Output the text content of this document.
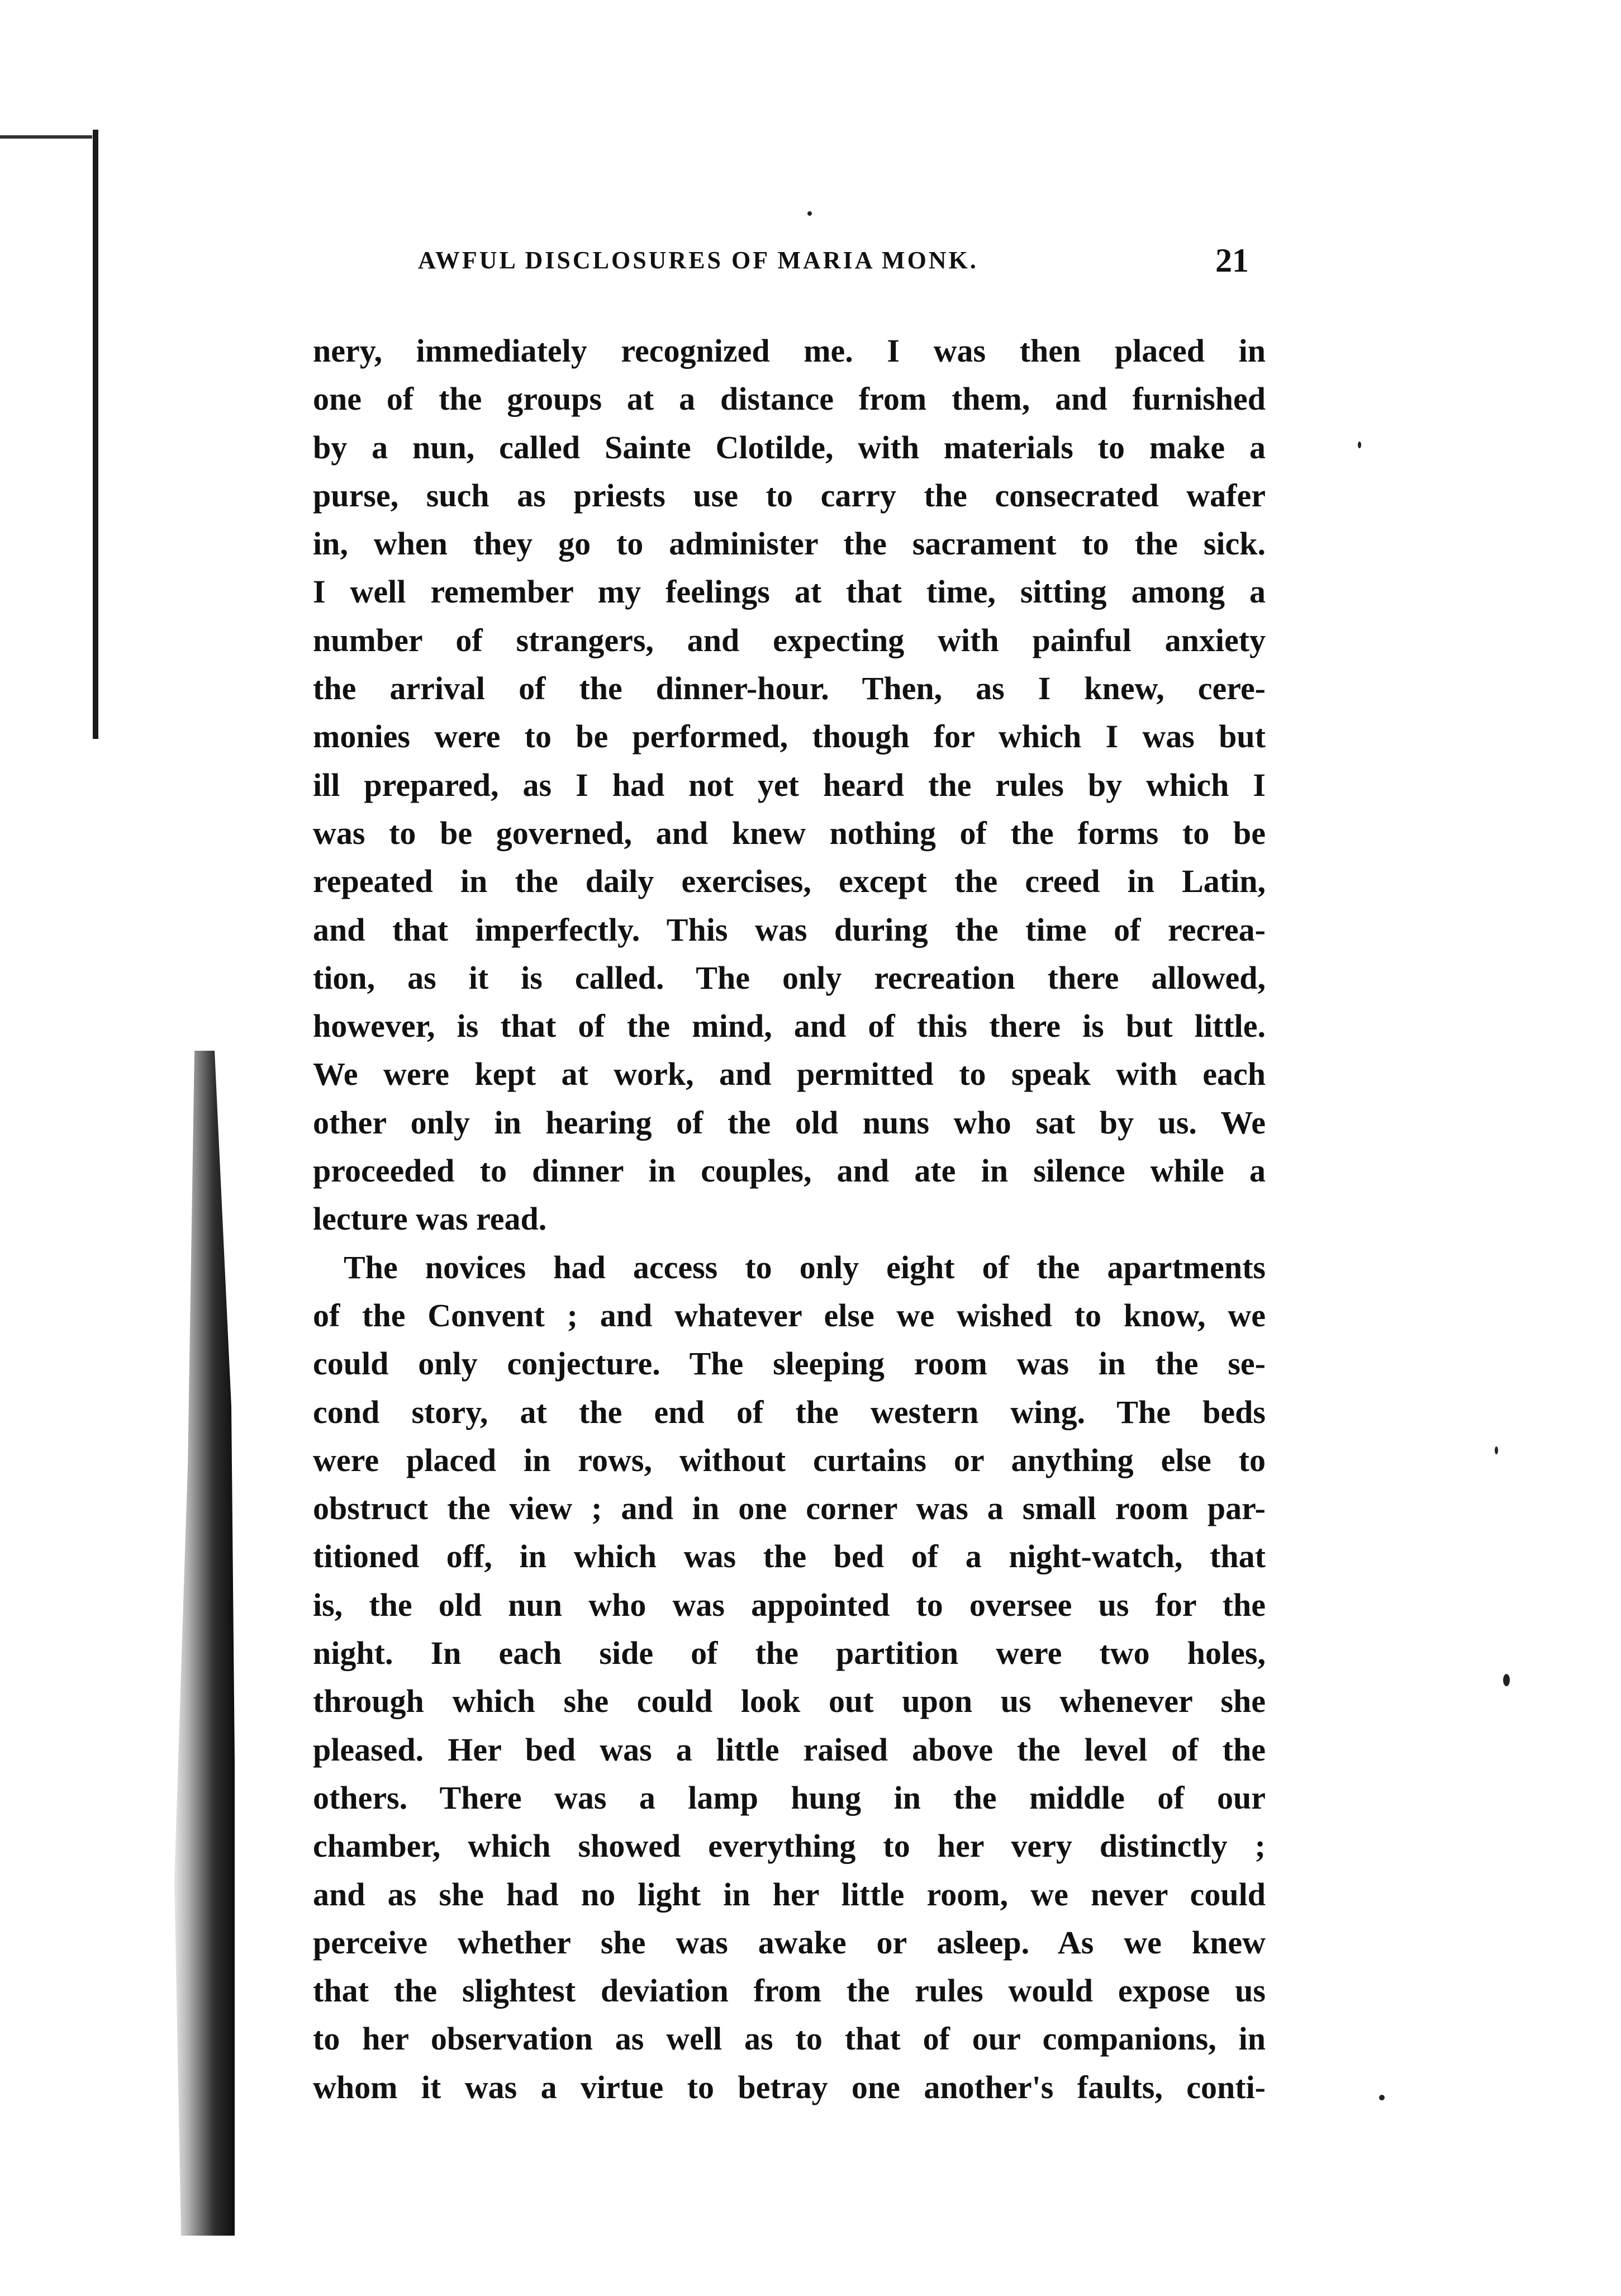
AWFUL DISCLOSURES OF MARIA MONK.	21
nery, immediately recognized me. I was then placed in
one of the groups at a distance from them, and furnished
by a nun, called Sainte Clotilde, with materials to make a
purse, such as priests use to carry the consecrated wafer
in, when they go to administer the sacrament to the sick.
I well remember my feelings at that time, sitting among a
number of strangers, and expecting with painful anxiety
the arrival of the dinner-hour. Then, as I knew, cere-
monies were to be performed, though for which I was but
ill prepared, as I had not yet heard the rules by which I
was to be governed, and knew nothing of the forms to be
repeated in the daily exercises, except the creed in Latin,
and that imperfectly. This was during the time of recrea-
tion, as it is called. The only recreation there allowed,
however, is that of the mind, and of this there is but little.
We were kept at work, and permitted to speak with each
other only in hearing of the old nuns who sat by us. We
proceeded to dinner in couples, and ate in silence while a
lecture was read.
The novices had access to only eight of the apartments
of the Convent ; and whatever else we wished to know, we
could only conjecture. The sleeping room was in the se-
cond story, at the end of the western wing. The beds
were placed in rows, without curtains or anything else to
obstruct the view ; and in one corner was a small room par-
titioned off, in which was the bed of a night-watch, that
is, the old nun who was appointed to oversee us for the
night. In each side of the partition were two holes,
through which she could look out upon us whenever she
pleased. Her bed was a little raised above the level of the
others. There was a lamp hung in the middle of our
chamber, which showed everything to her very distinctly ;
and as she had no light in her little room, we never could
perceive whether she was awake or asleep. As we knew
that the slightest deviation from the rules would expose us
to her observation as well as to that of our companions, in
whom it was a virtue to betray one another's faults, conti-
